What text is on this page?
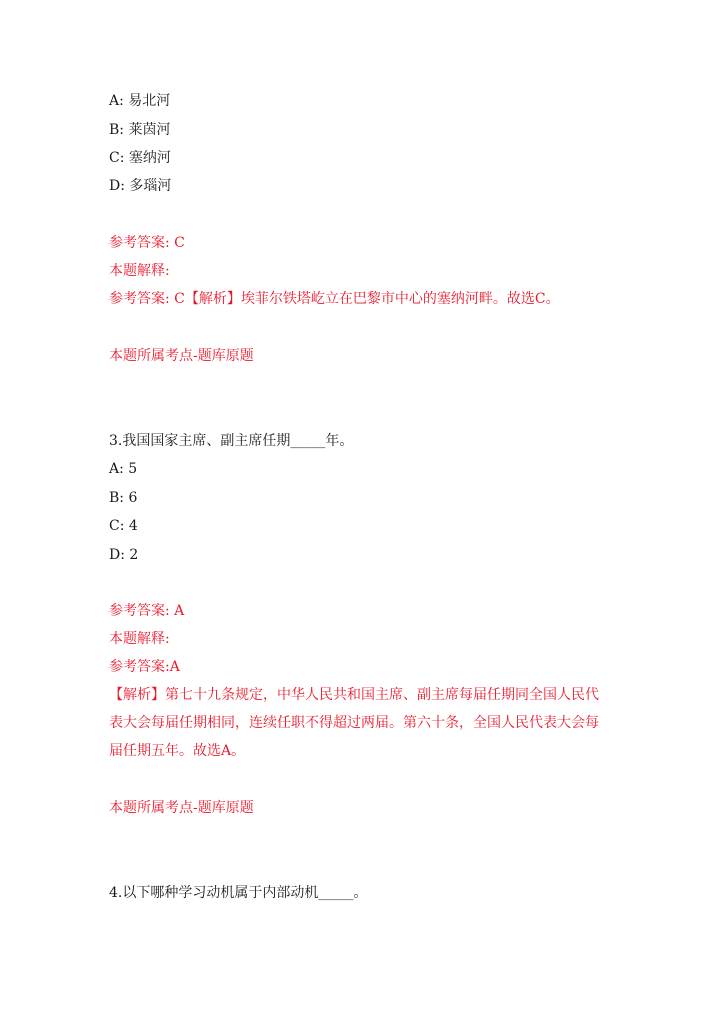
A: 易北河
B: 莱茵河
C: 塞纳河
D: 多瑙河
参考答案: C
本题解释:
参考答案: C【解析】埃菲尔铁塔屹立在巴黎市中心的塞纳河畔。故选C。
本题所属考点-题库原题
3.我国国家主席、副主席任期_____年。
A: 5
B: 6
C: 4
D: 2
参考答案: A
本题解释:
参考答案:A
【解析】第七十九条规定，中华人民共和国主席、副主席每届任期同全国人民代表大会每届任期相同，连续任职不得超过两届。第六十条，全国人民代表大会每届任期五年。故选A。
本题所属考点-题库原题
4.以下哪种学习动机属于内部动机_____。
